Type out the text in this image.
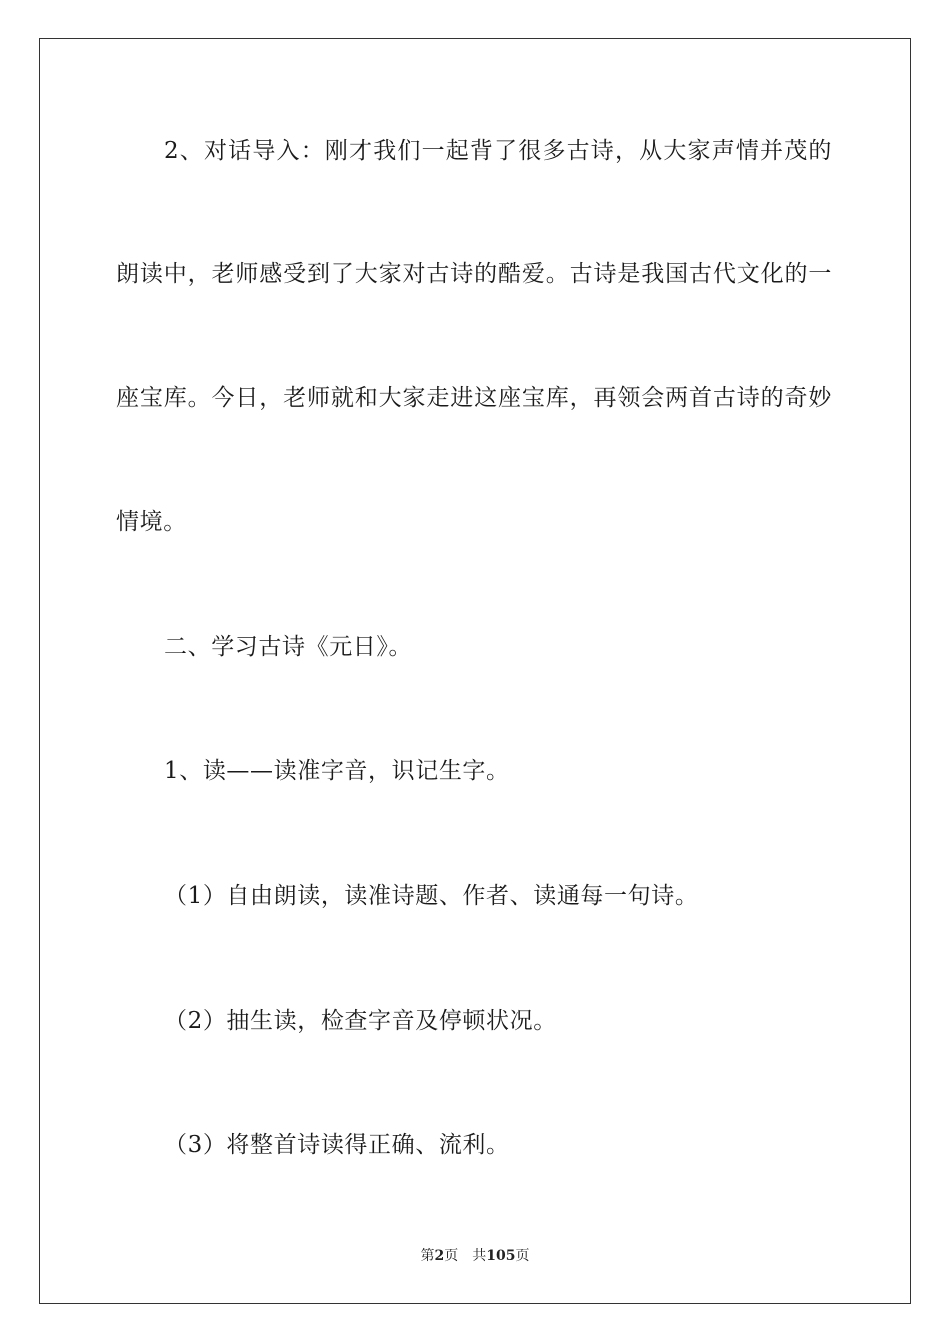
2、对话导入：刚才我们一起背了很多古诗，从大家声情并茂的
朗读中，老师感受到了大家对古诗的酷爱。古诗是我国古代文化的一
座宝库。今日，老师就和大家走进这座宝库，再领会两首古诗的奇妙
情境。
二、学习古诗《元日》。
1、读——读准字音，识记生字。
（1）自由朗读，读准诗题、作者、读通每一句诗。
（2）抽生读，检查字音及停顿状况。
（3）将整首诗读得正确、流利。
第2页 共105页
